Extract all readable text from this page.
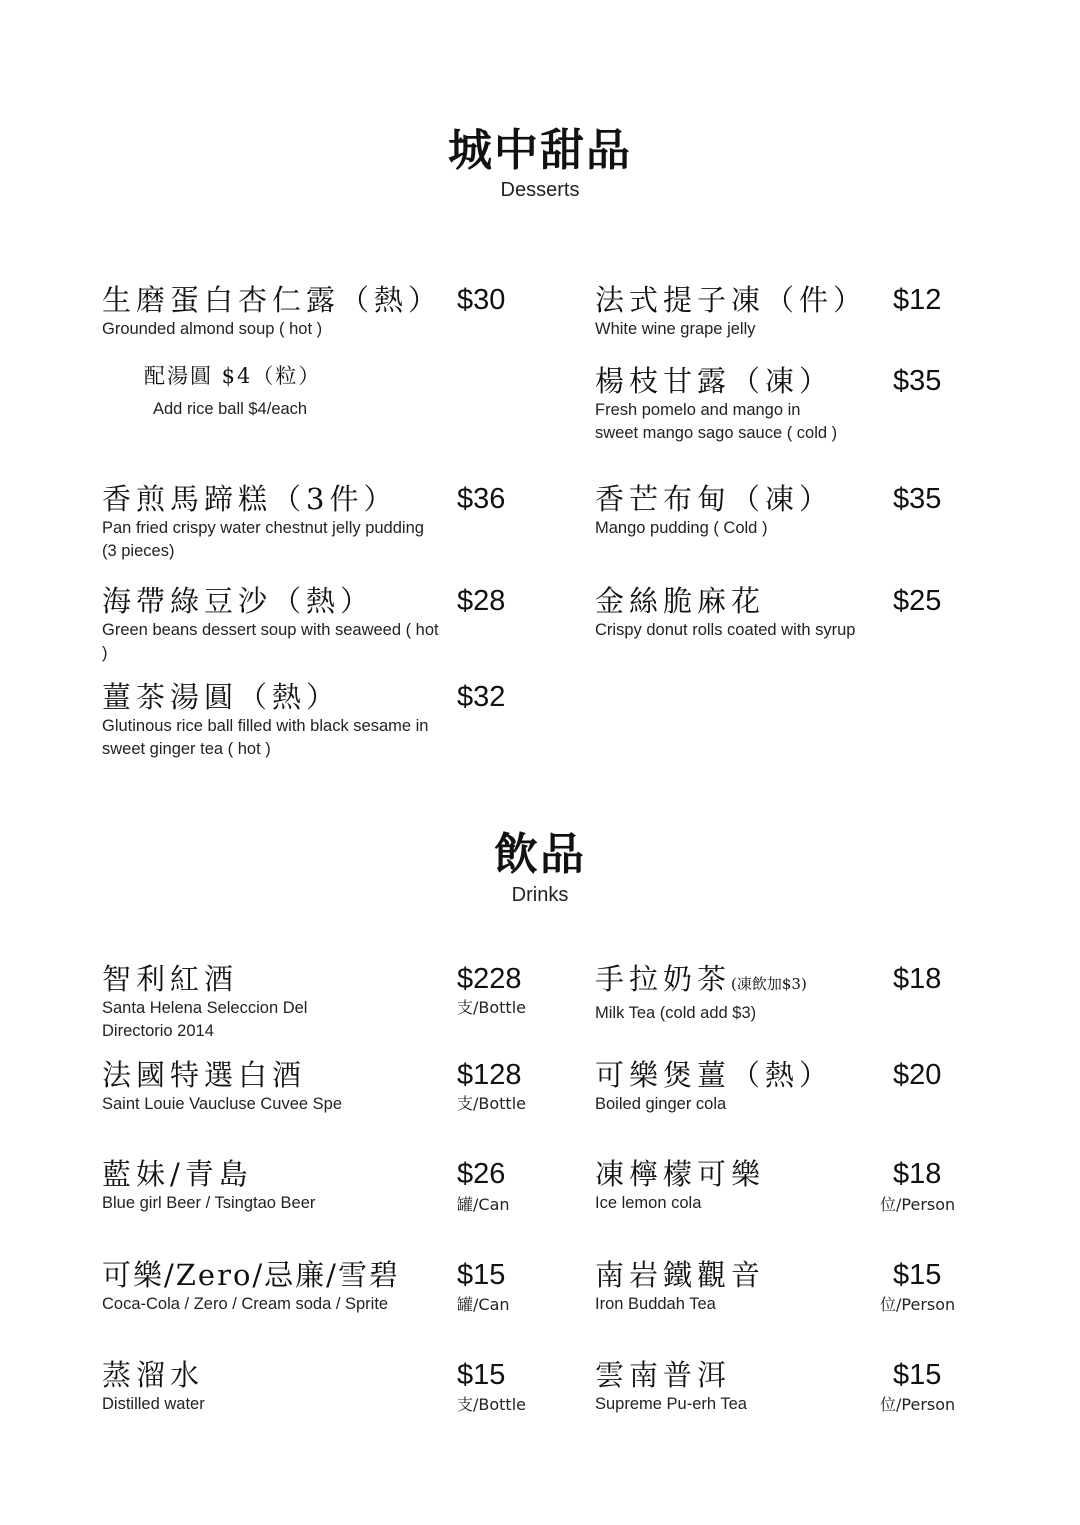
城中甜品
Desserts
生磨蛋白杏仁露（熱）
Grounded almond soup ( hot )
$30
配湯圓 $4（粒）
Add rice ball $4/each
香煎馬蹄糕（3件）
Pan fried crispy water chestnut jelly pudding (3 pieces)
$36
海帶綠豆沙（熱）
Green beans dessert soup with seaweed ( hot )
$28
薑茶湯圓（熱）
Glutinous rice ball filled with black sesame in sweet ginger tea ( hot )
$32
法式提子凍（件）
White wine grape jelly
$12
楊枝甘露（凍）
Fresh pomelo and mango in sweet mango sago sauce ( cold )
$35
香芒布甸（凍）
Mango pudding ( Cold )
$35
金絲脆麻花
Crispy donut rolls coated with syrup
$25
飲品
Drinks
智利紅酒
Santa Helena Seleccion Del Directorio 2014
$228
支/Bottle
法國特選白酒
Saint Louie Vaucluse Cuvee Spe
$128
支/Bottle
藍妹/青島
Blue girl Beer / Tsingtao Beer
$26
罐/Can
可樂/Zero/忌廉/雪碧
Coca-Cola / Zero / Cream soda / Sprite
$15
罐/Can
蒸溜水
Distilled water
$15
支/Bottle
手拉奶茶(凍飲加$3)
Milk Tea (cold add $3)
$18
可樂煲薑（熱）
Boiled ginger cola
$20
凍檸檬可樂
Ice lemon cola
$18
位/Person
南岩鐵觀音
Iron Buddah Tea
$15
位/Person
雲南普洱
Supreme Pu-erh Tea
$15
位/Person
